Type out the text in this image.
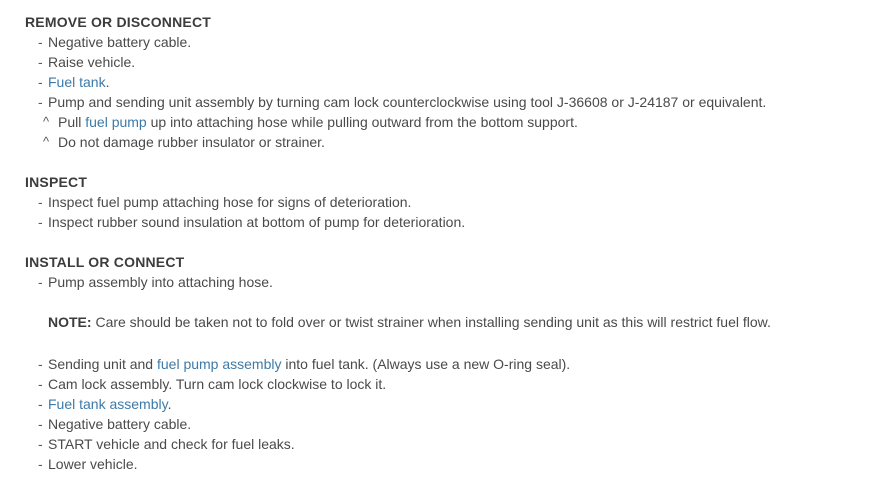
REMOVE OR DISCONNECT
- Negative battery cable.
- Raise vehicle.
- Fuel tank.
- Pump and sending unit assembly by turning cam lock counterclockwise using tool J-36608 or J-24187 or equivalent.
^ Pull fuel pump up into attaching hose while pulling outward from the bottom support.
^ Do not damage rubber insulator or strainer.
INSPECT
- Inspect fuel pump attaching hose for signs of deterioration.
- Inspect rubber sound insulation at bottom of pump for deterioration.
INSTALL OR CONNECT
- Pump assembly into attaching hose.
NOTE: Care should be taken not to fold over or twist strainer when installing sending unit as this will restrict fuel flow.
- Sending unit and fuel pump assembly into fuel tank. (Always use a new O-ring seal).
- Cam lock assembly. Turn cam lock clockwise to lock it.
- Fuel tank assembly.
- Negative battery cable.
- START vehicle and check for fuel leaks.
- Lower vehicle.
